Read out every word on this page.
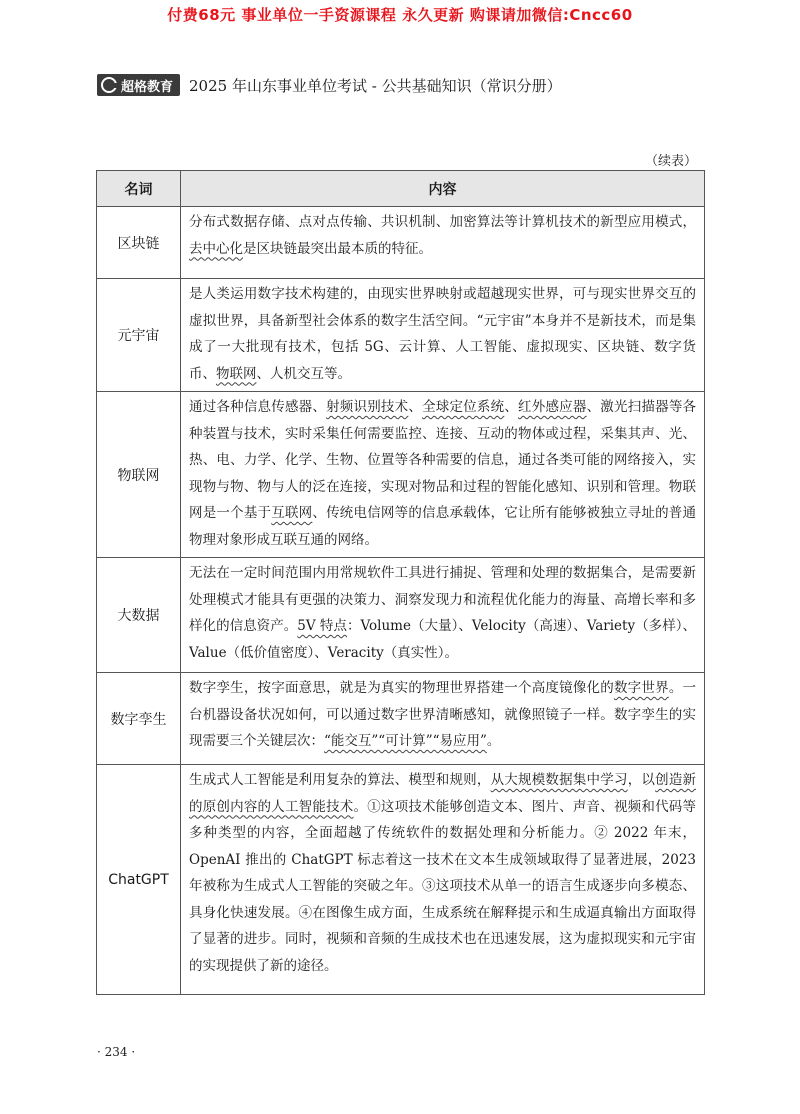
付费68元 事业单位一手资源课程 永久更新 购课请加微信:Cncc60
超格教育 2025 年山东事业单位考试 - 公共基础知识（常识分册）
（续表）
名词	内容
区块链	分布式数据存储、点对点传输、共识机制、加密算法等计算机技术的新型应用模式，去中心化是区块链最突出最本质的特征。
元宇宙	是人类运用数字技术构建的，由现实世界映射或超越现实世界，可与现实世界交互的虚拟世界，具备新型社会体系的数字生活空间。“元宇宙”本身并不是新技术，而是集成了一大批现有技术，包括 5G、云计算、人工智能、虚拟现实、区块链、数字货币、物联网、人机交互等。
物联网	通过各种信息传感器、射频识别技术、全球定位系统、红外感应器、激光扫描器等各种装置与技术，实时采集任何需要监控、连接、互动的物体或过程，采集其声、光、热、电、力学、化学、生物、位置等各种需要的信息，通过各类可能的网络接入，实现物与物、物与人的泛在连接，实现对物品和过程的智能化感知、识别和管理。物联网是一个基于互联网、传统电信网等的信息承载体，它让所有能够被独立寻址的普通物理对象形成互联互通的网络。
大数据	无法在一定时间范围内用常规软件工具进行捕捉、管理和处理的数据集合，是需要新处理模式才能具有更强的决策力、洞察发现力和流程优化能力的海量、高增长率和多样化的信息资产。5V 特点：Volume（大量）、Velocity（高速）、Variety（多样）、Value（低价值密度）、Veracity（真实性）。
数字孪生	数字孪生，按字面意思，就是为真实的物理世界搭建一个高度镜像化的数字世界。一台机器设备状况如何，可以通过数字世界清晰感知，就像照镜子一样。数字孪生的实现需要三个关键层次：“能交互”“可计算”“易应用”。
ChatGPT	生成式人工智能是利用复杂的算法、模型和规则，从大规模数据集中学习，以创造新的原创内容的人工智能技术。①这项技术能够创造文本、图片、声音、视频和代码等多种类型的内容，全面超越了传统软件的数据处理和分析能力。② 2022 年末，OpenAI 推出的 ChatGPT 标志着这一技术在文本生成领域取得了显著进展，2023 年被称为生成式人工智能的突破之年。③这项技术从单一的语言生成逐步向多模态、具身化快速发展。④在图像生成方面，生成系统在解释提示和生成逼真输出方面取得了显著的进步。同时，视频和音频的生成技术也在迅速发展，这为虚拟现实和元宇宙的实现提供了新的途径。
· 234 ·
